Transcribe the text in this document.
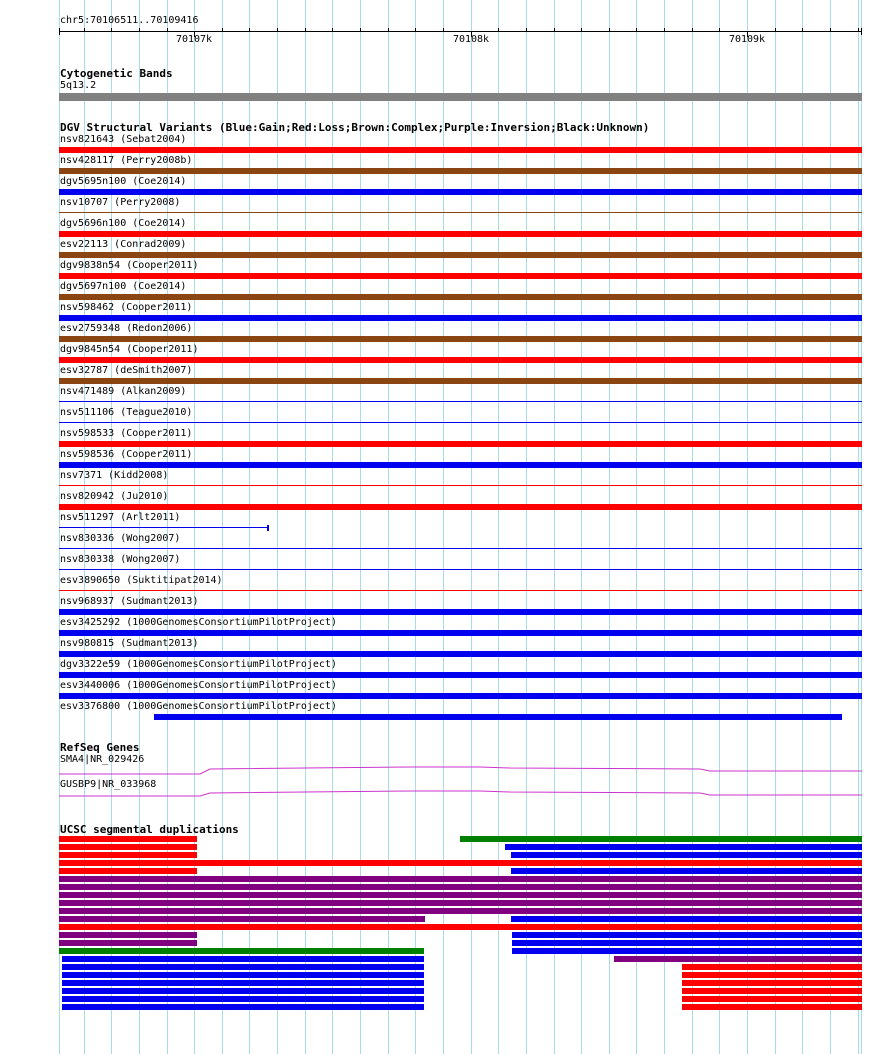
chr5:70106511..70109416
70107k	70108k	70109k
Cytogenetic Bands
5q13.2
DGV Structural Variants (Blue:Gain;Red:Loss;Brown:Complex;Purple:Inversion;Black:Unknown)
nsv821643 (Sebat2004)
nsv428117 (Perry2008b)
dgv5695n100 (Coe2014)
nsv10707 (Perry2008)
dgv5696n100 (Coe2014)
esv22113 (Conrad2009)
dgv9838n54 (Cooper2011)
dgv5697n100 (Coe2014)
nsv598462 (Cooper2011)
esv2759348 (Redon2006)
dgv9845n54 (Cooper2011)
esv32787 (deSmith2007)
nsv471489 (Alkan2009)
nsv511106 (Teague2010)
nsv598533 (Cooper2011)
nsv598536 (Cooper2011)
nsv7371 (Kidd2008)
nsv820942 (Ju2010)
nsv511297 (Arlt2011)
nsv830336 (Wong2007)
nsv830338 (Wong2007)
esv3890650 (Suktitipat2014)
nsv968937 (Sudmant2013)
esv3425292 (1000GenomesConsortiumPilotProject)
nsv980815 (Sudmant2013)
dgv3322e59 (1000GenomesConsortiumPilotProject)
esv3440006 (1000GenomesConsortiumPilotProject)
esv3376800 (1000GenomesConsortiumPilotProject)
RefSeq Genes
SMA4|NR_029426
GUSBP9|NR_033968
UCSC segmental duplications
